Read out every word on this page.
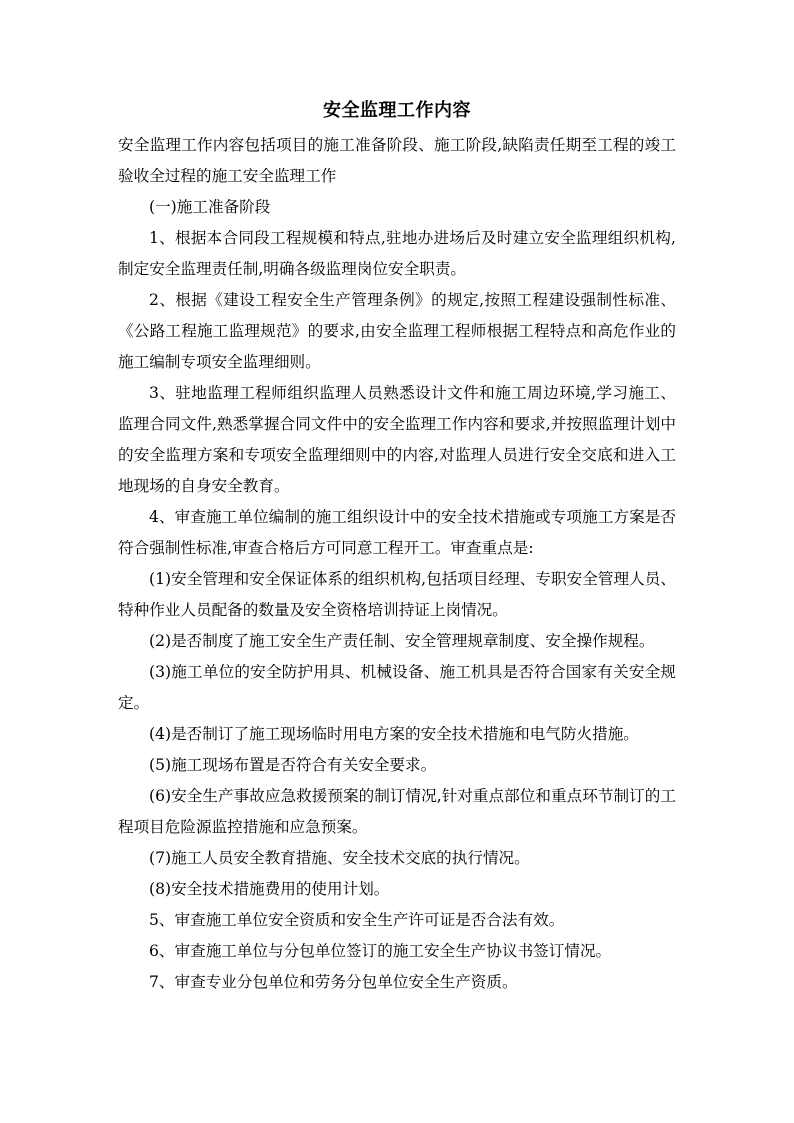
安全监理工作内容

安全监理工作内容包括项目的施工准备阶段、施工阶段,缺陷责任期至工程的竣工验收全过程的施工安全监理工作

(一)施工准备阶段

1、根据本合同段工程规模和特点,驻地办进场后及时建立安全监理组织机构,制定安全监理责任制,明确各级监理岗位安全职责。

2、根据《建设工程安全生产管理条例》的规定,按照工程建设强制性标准、《公路工程施工监理规范》的要求,由安全监理工程师根据工程特点和高危作业的施工编制专项安全监理细则。

3、驻地监理工程师组织监理人员熟悉设计文件和施工周边环境,学习施工、监理合同文件,熟悉掌握合同文件中的安全监理工作内容和要求,并按照监理计划中的安全监理方案和专项安全监理细则中的内容,对监理人员进行安全交底和进入工地现场的自身安全教育。

4、审查施工单位编制的施工组织设计中的安全技术措施或专项施工方案是否符合强制性标准,审查合格后方可同意工程开工。审查重点是:

(1)安全管理和安全保证体系的组织机构,包括项目经理、专职安全管理人员、特种作业人员配备的数量及安全资格培训持证上岗情况。

(2)是否制度了施工安全生产责任制、安全管理规章制度、安全操作规程。

(3)施工单位的安全防护用具、机械设备、施工机具是否符合国家有关安全规定。

(4)是否制订了施工现场临时用电方案的安全技术措施和电气防火措施。

(5)施工现场布置是否符合有关安全要求。

(6)安全生产事故应急救援预案的制订情况,针对重点部位和重点环节制订的工程项目危险源监控措施和应急预案。

(7)施工人员安全教育措施、安全技术交底的执行情况。

(8)安全技术措施费用的使用计划。

5、审查施工单位安全资质和安全生产许可证是否合法有效。

6、审查施工单位与分包单位签订的施工安全生产协议书签订情况。

7、审查专业分包单位和劳务分包单位安全生产资质。
